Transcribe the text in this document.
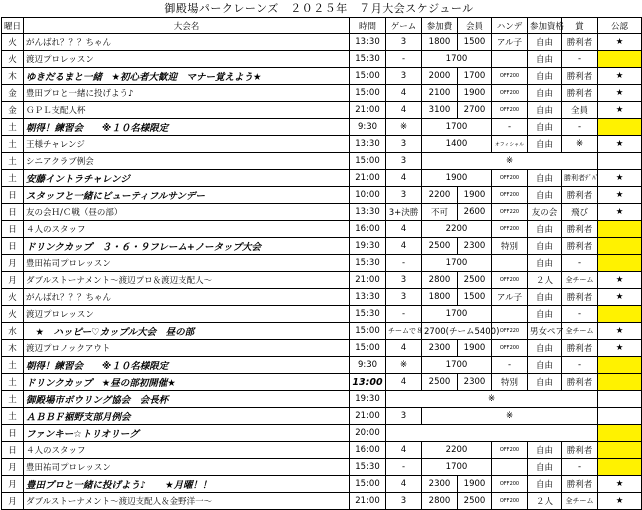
御殿場パークレーンズ　２０２５年　７月大会スケジュール
曜日	大会名	時間	ゲーム	参加費	会員	ハンデ	参加資格	賞	公認	
火	がんばれ？？？ちゃん	13:30	3	1800	1500	アル子	自由	勝利者	★	
火	渡辺プロレッスン	15:30	-	1700			自由	-		
木	ゆきだるまと一緒　★初心者大歓迎　マナー覚えよう★	15:00	3	2000	1700	OFF200	自由	勝利者	★	
金	豊田プロと一緒に投げよう♪	15:00	4	2100	1900	OFF200	自由	勝利者	★	
金	ＧＰＬ支配人杯	21:00	4	3100	2700	OFF200	自由	全員	★	
土	朝得！練習会　　※１０名様限定	9:30	※	1700		-	自由	-		
土	王様チャレンジ	13:30	3	1400		オフィシャル	自由	※	★	
土	シニアクラブ例会	15:00	3	※		
土	安藤イントラチャレンジ	21:00	4	1900		OFF200	自由	勝利者ﾃﾞﾊﾞ	★	
日	スタッフと一緒にビューティフルサンデー	10:00	3	2200	1900	OFF200	自由	勝利者	★	
日	友の会Ｈ/Ｃ戦（昼の部）	13:30	3+決勝	不可	2600	OFF220	友の会	飛び	★	
日	４人のスタッフ	16:00	4	2200		OFF200	自由	勝利者		
日	ドリンクカップ　３・６・９フレーム+ノータップ大会	19:30	4	2500	2300	特別	自由	勝利者		
月	豊田祐司プロレッスン	15:30	-	1700			自由	-		
月	ダブルストーナメント〜渡辺プロ＆渡辺支配人〜	21:00	3	2800	2500	OFF200	２人	全チーム	★	
火	がんばれ？？？ちゃん	13:30	3	1800	1500	アル子	自由	勝利者	★	
火	渡辺プロレッスン	15:30	-	1700			自由	-		
水	　★　ハッピー♡カップル大会　昼の部	15:00	チームで８	2700(チーム5400)		OFF220	男女ペア	全チーム	★	
木	渡辺プロノックアウト	15:00	4	2300	1900	OFF200	自由	勝利者	★	
土	朝得！練習会　　※１０名様限定	9:30	※	1700		-	自由	-		
土	ドリンクカップ　★昼の部初開催★	13:00	4	2500	2300	特別	自由	勝利者		
土	御殿場市ボウリング協会　会長杯	19:30	※		
土	ＡＢＢＦ裾野支部月例会	21:00	3	※		
日	ファンキー☆トリオリーグ	20:00								
日	４人のスタッフ	16:00	4	2200		OFF200	自由	勝利者		
月	豊田祐司プロレッスン	15:30	-	1700			自由	-		
月	豊田プロと一緒に投げよう♪　　★月曜！！	15:00	4	2300	1900	OFF200	自由	勝利者	★	
月	ダブルストーナメント〜渡辺支配人＆金野洋一〜	21:00	3	2800	2500	OFF200	２人	全チーム	★	
